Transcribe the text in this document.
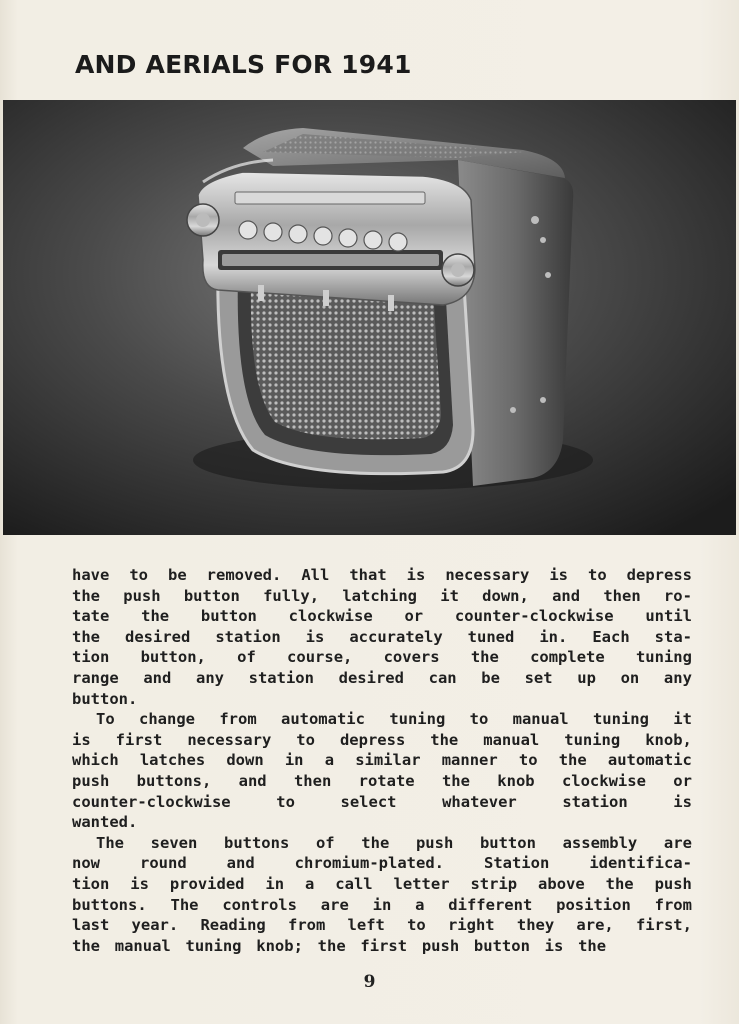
AND AERIALS FOR 1941
have to be removed. All that is necessary is to depress
the push button fully, latching it down, and then ro-
tate the button clockwise or counter-clockwise until
the desired station is accurately tuned in. Each sta-
tion button, of course, covers the complete tuning
range and any station desired can be set up on any
button.
To change from automatic tuning to manual tuning it
is first necessary to depress the manual tuning knob,
which latches down in a similar manner to the automatic
push buttons, and then rotate the knob clockwise or
counter-clockwise	to	select	whatever	station	is
wanted.
The seven buttons of the push button assembly are
now	round	and	chromium-plated.	Station	identifica-
tion is provided in a call letter strip above the push
buttons. The controls are in a different position from
last year. Reading from left to right they are, first,
the manual tuning knob; the first push button is the
9
